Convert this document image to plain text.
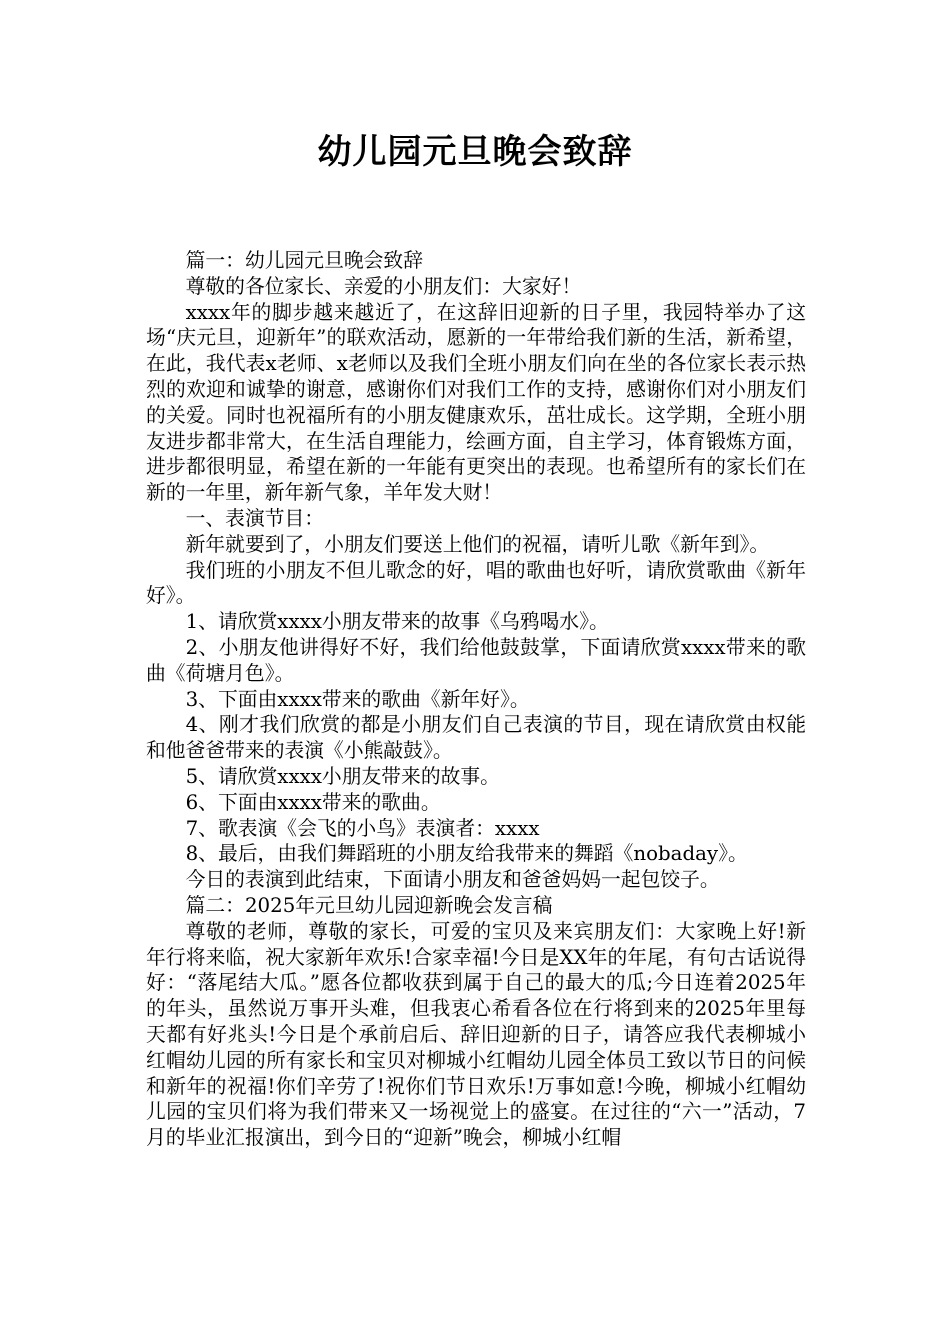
幼儿园元旦晚会致辞

篇一：幼儿园元旦晚会致辞

尊敬的各位家长、亲爱的小朋友们：大家好！

xxxx年的脚步越来越近了，在这辞旧迎新的日子里，我园特举办了这场“庆元旦，迎新年”的联欢活动，愿新的一年带给我们新的生活，新希望，在此，我代表x老师、x老师以及我们全班小朋友们向在坐的各位家长表示热烈的欢迎和诚挚的谢意，感谢你们对我们工作的支持，感谢你们对小朋友们的关爱。同时也祝福所有的小朋友健康欢乐，茁壮成长。这学期，全班小朋友进步都非常大，在生活自理能力，绘画方面，自主学习，体育锻炼方面，进步都很明显，希望在新的一年能有更突出的表现。也希望所有的家长们在新的一年里，新年新气象，羊年发大财！

一、表演节目：

新年就要到了，小朋友们要送上他们的祝福，请听儿歌《新年到》。

我们班的小朋友不但儿歌念的好，唱的歌曲也好听，请欣赏歌曲《新年好》。

1、请欣赏xxxx小朋友带来的故事《乌鸦喝水》。

2、小朋友他讲得好不好，我们给他鼓鼓掌，下面请欣赏xxxx带来的歌曲《荷塘月色》。

3、下面由xxxx带来的歌曲《新年好》。

4、刚才我们欣赏的都是小朋友们自己表演的节目，现在请欣赏由权能和他爸爸带来的表演《小熊敲鼓》。

5、请欣赏xxxx小朋友带来的故事。

6、下面由xxxx带来的歌曲。

7、歌表演《会飞的小鸟》表演者：xxxx

8、最后，由我们舞蹈班的小朋友给我带来的舞蹈《nobaday》。

今日的表演到此结束，下面请小朋友和爸爸妈妈一起包饺子。

篇二：2025年元旦幼儿园迎新晚会发言稿

尊敬的老师，尊敬的家长，可爱的宝贝及来宾朋友们：大家晚上好!新年行将来临，祝大家新年欢乐!合家幸福!今日是XX年的年尾，有句古话说得好：“落尾结大瓜。”愿各位都收获到属于自己的最大的瓜;今日连着2025年的年头，虽然说万事开头难，但我衷心希看各位在行将到来的2025年里每天都有好兆头!今日是个承前启后、辞旧迎新的日子，请答应我代表柳城小红帽幼儿园的所有家长和宝贝对柳城小红帽幼儿园全体员工致以节日的问候和新年的祝福!你们辛劳了!祝你们节日欢乐!万事如意!今晚，柳城小红帽幼儿园的宝贝们将为我们带来又一场视觉上的盛宴。在过往的“六一”活动，7月的毕业汇报演出，到今日的“迎新”晚会，柳城小红帽
